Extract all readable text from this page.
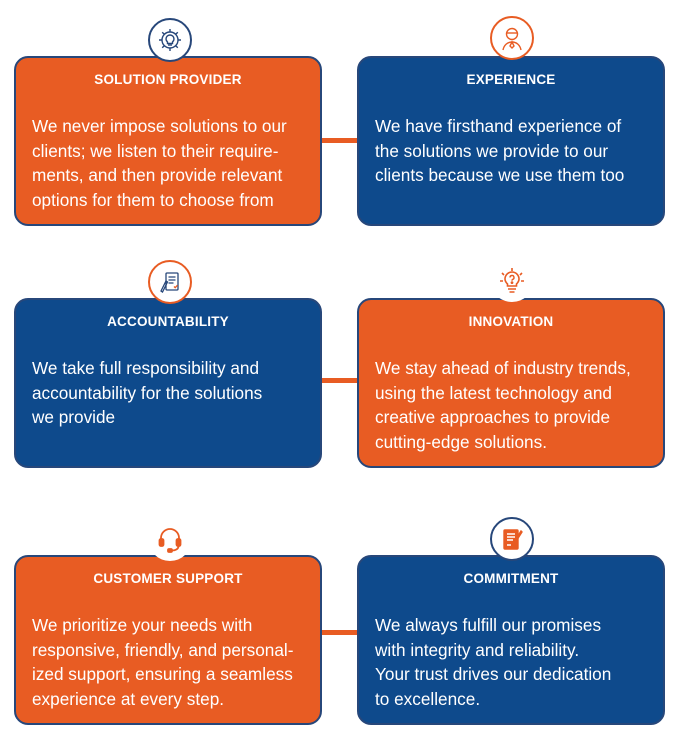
SOLUTION PROVIDER
We never impose solutions to our
clients; we listen to their require-
ments, and then provide relevant
options for them to choose from
EXPERIENCE
We have firsthand experience of
the solutions we provide to our
clients because we use them too
ACCOUNTABILITY
We take full responsibility and
accountability for the solutions
we provide
INNOVATION
We stay ahead of industry trends,
using the latest technology and
creative approaches to provide
cutting-edge solutions.
CUSTOMER SUPPORT
We prioritize your needs with
responsive, friendly, and personal-
ized support, ensuring a seamless
experience at every step.
COMMITMENT
We always fulfill our promises
with integrity and reliability.
Your trust drives our dedication
to excellence.
